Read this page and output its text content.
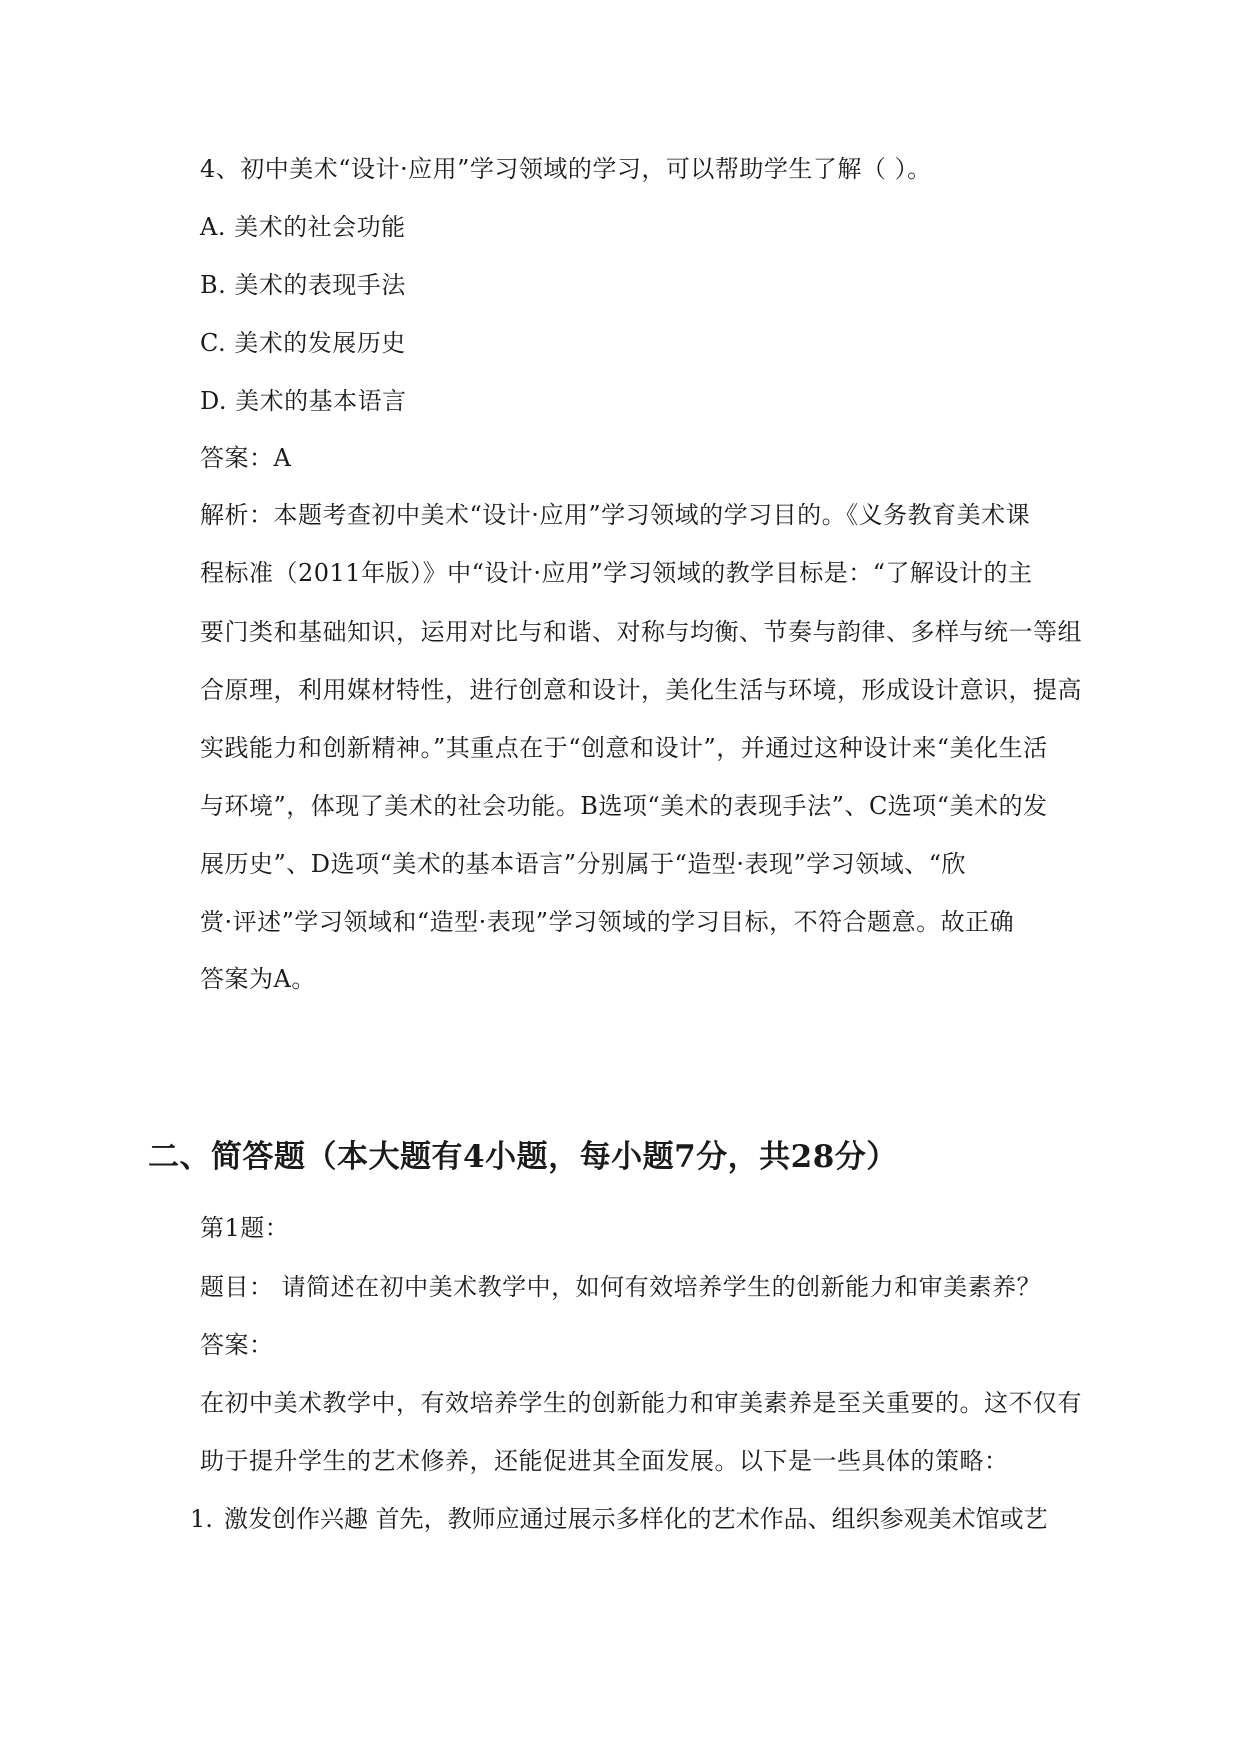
4、初中美术“设计·应用”学习领域的学习，可以帮助学生了解（ ）。
A. 美术的社会功能
B. 美术的表现手法
C. 美术的发展历史
D. 美术的基本语言
答案：A
解析：本题考查初中美术“设计·应用”学习领域的学习目的。《义务教育美术课
程标准（2011年版）》中“设计·应用”学习领域的教学目标是：“了解设计的主
要门类和基础知识，运用对比与和谐、对称与均衡、节奏与韵律、多样与统一等组
合原理，利用媒材特性，进行创意和设计，美化生活与环境，形成设计意识，提高
实践能力和创新精神。”其重点在于“创意和设计”，并通过这种设计来“美化生活
与环境”，体现了美术的社会功能。B选项“美术的表现手法”、C选项“美术的发
展历史”、D选项“美术的基本语言”分别属于“造型·表现”学习领域、“欣
赏·评述”学习领域和“造型·表现”学习领域的学习目标，不符合题意。故正确
答案为A。
二、简答题（本大题有4小题，每小题7分，共28分）
第1题：
题目： 请简述在初中美术教学中，如何有效培养学生的创新能力和审美素养？
答案：
在初中美术教学中，有效培养学生的创新能力和审美素养是至关重要的。这不仅有
助于提升学生的艺术修养，还能促进其全面发展。以下是一些具体的策略：
1. 激发创作兴趣 首先，教师应通过展示多样化的艺术作品、组织参观美术馆或艺
